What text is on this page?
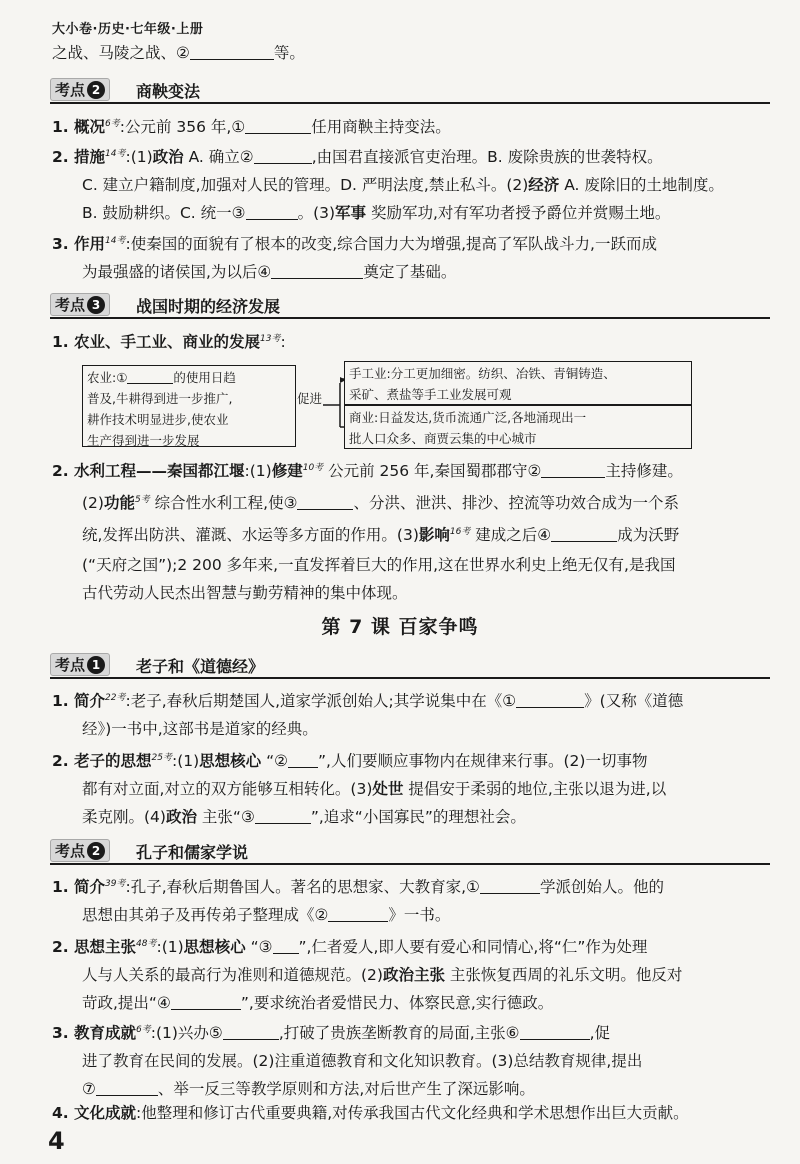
大小卷·历史·七年级·上册
之战、马陵之战、②	等。
考点 2	商鞅变法
1. 概况$^{6考}$:公元前 356 年,①	任用商鞅主持变法。
2. 措施$^{14考}$:(1)政治 A. 确立②	,由国君直接派官吏治理。B. 废除贵族的世袭特权。
C. 建立户籍制度,加强对人民的管理。D. 严明法度,禁止私斗。(2)经济 A. 废除旧的土地制度。
B. 鼓励耕织。C. 统一③	。(3)军事 奖励军功,对有军功者授予爵位并赏赐土地。
3. 作用$^{14考}$:使秦国的面貌有了根本的改变,综合国力大为增强,提高了军队战斗力,一跃而成
为最强盛的诸侯国,为以后④	奠定了基础。
考点 3	战国时期的经济发展
1. 农业、手工业、商业的发展$^{13考}$:
农业:①	的使用日趋
普及,牛耕得到进一步推广,
耕作技术明显进步,使农业
生产得到进一步发展
促进
手工业:分工更加细密。纺织、冶铁、青铜铸造、
采矿、煮盐等手工业发展可观
商业:日益发达,货币流通广泛,各地涌现出一
批人口众多、商贾云集的中心城市
2. 水利工程——秦国都江堰:(1)修建$^{10考}$ 公元前 256 年,秦国蜀郡郡守②	主持修建。
(2)功能$^{5考}$ 综合性水利工程,使③	、分洪、泄洪、排沙、控流等功效合成为一个系
统,发挥出防洪、灌溉、水运等多方面的作用。(3)影响$^{16考}$ 建成之后④	成为沃野
(“天府之国”);2 200 多年来,一直发挥着巨大的作用,这在世界水利史上绝无仅有,是我国
古代劳动人民杰出智慧与勤劳精神的集中体现。
第 7 课 百家争鸣
考点 1	老子和《道德经》
1. 简介$^{22考}$:老子,春秋后期楚国人,道家学派创始人;其学说集中在《①	》(又称《道德
经》)一书中,这部书是道家的经典。
2. 老子的思想$^{25考}$:(1)思想核心 “② ”,人们要顺应事物内在规律来行事。(2)一切事物
都有对立面,对立的双方能够互相转化。(3)处世 提倡安于柔弱的地位,主张以退为进,以
柔克刚。(4)政治 主张“③	”,追求“小国寡民”的理想社会。
考点 2	孔子和儒家学说
1. 简介$^{39考}$:孔子,春秋后期鲁国人。著名的思想家、大教育家,①	学派创始人。他的
思想由其弟子及再传弟子整理成《②	》一书。
2. 思想主张$^{48考}$:(1)思想核心 “③ ”,仁者爱人,即人要有爱心和同情心,将“仁”作为处理
人与人关系的最高行为准则和道德规范。(2)政治主张 主张恢复西周的礼乐文明。他反对
苛政,提出“④	”,要求统治者爱惜民力、体察民意,实行德政。
3. 教育成就$^{6考}$:(1)兴办⑤	,打破了贵族垄断教育的局面,主张⑥	,促
进了教育在民间的发展。(2)注重道德教育和文化知识教育。(3)总结教育规律,提出
⑦	、举一反三等教学原则和方法,对后世产生了深远影响。
4. 文化成就:他整理和修订古代重要典籍,对传承我国古代文化经典和学术思想作出巨大贡献。
4
